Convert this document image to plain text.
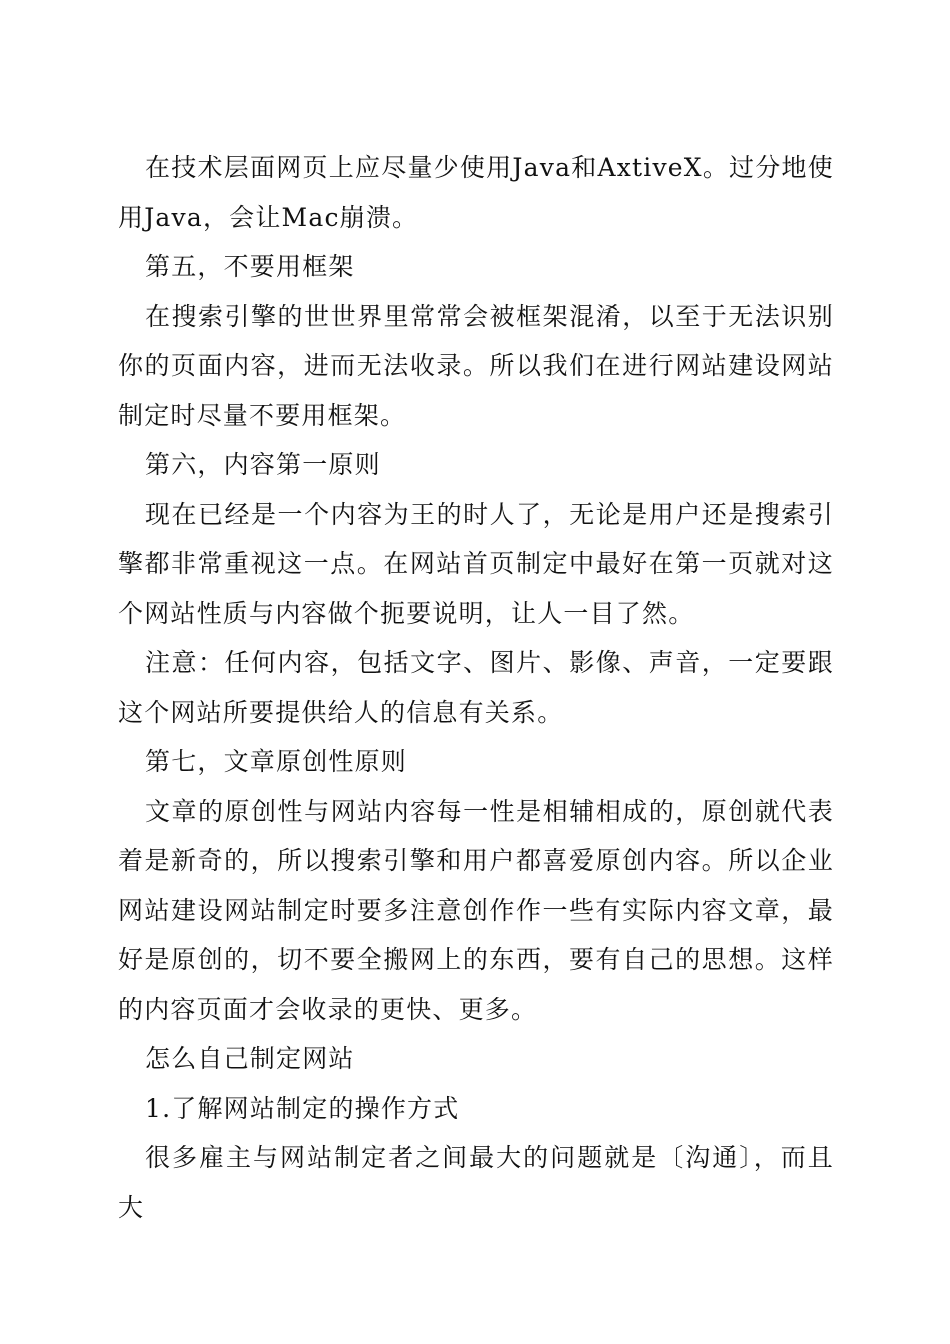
在技术层面网页上应尽量少使用Java和AxtiveX。过分地使用Java，会让Mac崩溃。

第五，不要用框架

在搜索引擎的世世界里常常会被框架混淆，以至于无法识别你的页面内容，进而无法收录。所以我们在进行网站建设网站制定时尽量不要用框架。

第六，内容第一原则

现在已经是一个内容为王的时人了，无论是用户还是搜索引擎都非常重视这一点。在网站首页制定中最好在第一页就对这个网站性质与内容做个扼要说明，让人一目了然。

注意：任何内容，包括文字、图片、影像、声音，一定要跟这个网站所要提供给人的信息有关系。

第七，文章原创性原则

文章的原创性与网站内容每一性是相辅相成的，原创就代表着是新奇的，所以搜索引擎和用户都喜爱原创内容。所以企业网站建设网站制定时要多注意创作作一些有实际内容文章，最好是原创的，切不要全搬网上的东西，要有自己的思想。这样的内容页面才会收录的更快、更多。

怎么自己制定网站

1.了解网站制定的操作方式

很多雇主与网站制定者之间最大的问题就是〔沟通〕，而且大
